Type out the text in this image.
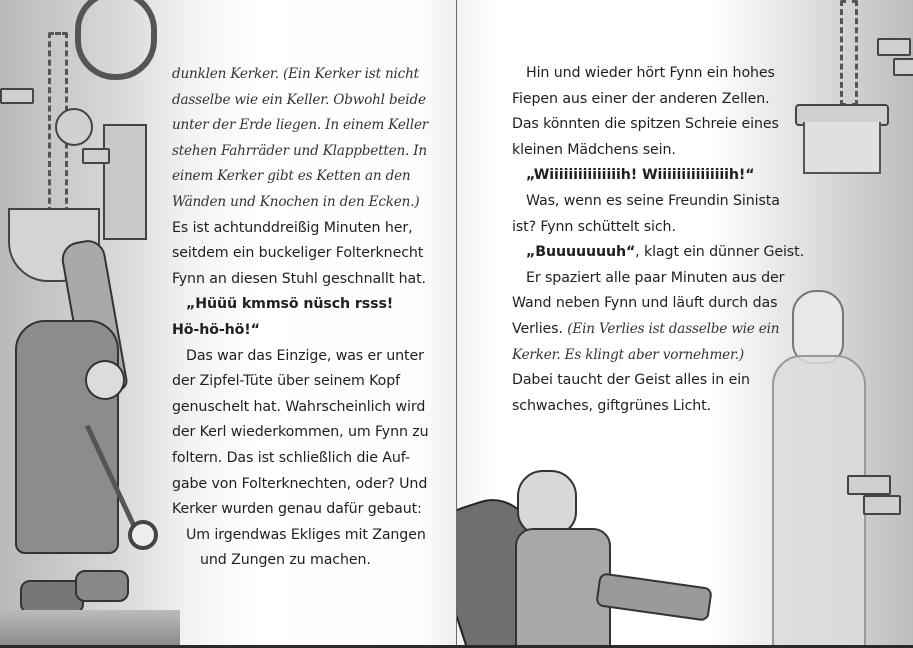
dunklen Kerker. (Ein Kerker ist nicht
dasselbe wie ein Keller. Obwohl beide
unter der Erde liegen. In einem Keller
stehen Fahrräder und Klappbetten. In
einem Kerker gibt es Ketten an den
Wänden und Knochen in den Ecken.)
Es ist achtunddreißig Minuten her,
seitdem ein buckeliger Folterknecht
Fynn an diesen Stuhl geschnallt hat.
„Hüüü kmmsö nüsch rsss!
Hö-hö-hö!“
Das war das Einzige, was er unter
der Zipfel-Tüte über seinem Kopf
genuschelt hat. Wahrscheinlich wird
der Kerl wiederkommen, um Fynn zu
foltern. Das ist schließlich die Auf-
gabe von Folterknechten, oder? Und
Kerker wurden genau dafür gebaut:
Um irgendwas Ekliges mit Zangen
und Zungen zu machen.
Hin und wieder hört Fynn ein hohes
Fiepen aus einer der anderen Zellen.
Das könnten die spitzen Schreie eines
kleinen Mädchens sein.
„Wiiiiiiiiiiiiiiih! Wiiiiiiiiiiiiiiih!“
Was, wenn es seine Freundin Sinista
ist? Fynn schüttelt sich.
„Buuuuuuuh“, klagt ein dünner Geist.
Er spaziert alle paar Minuten aus der
Wand neben Fynn und läuft durch das
Verlies. (Ein Verlies ist dasselbe wie ein
Kerker. Es klingt aber vornehmer.)
Dabei taucht der Geist alles in ein
schwaches, giftgrünes Licht.
